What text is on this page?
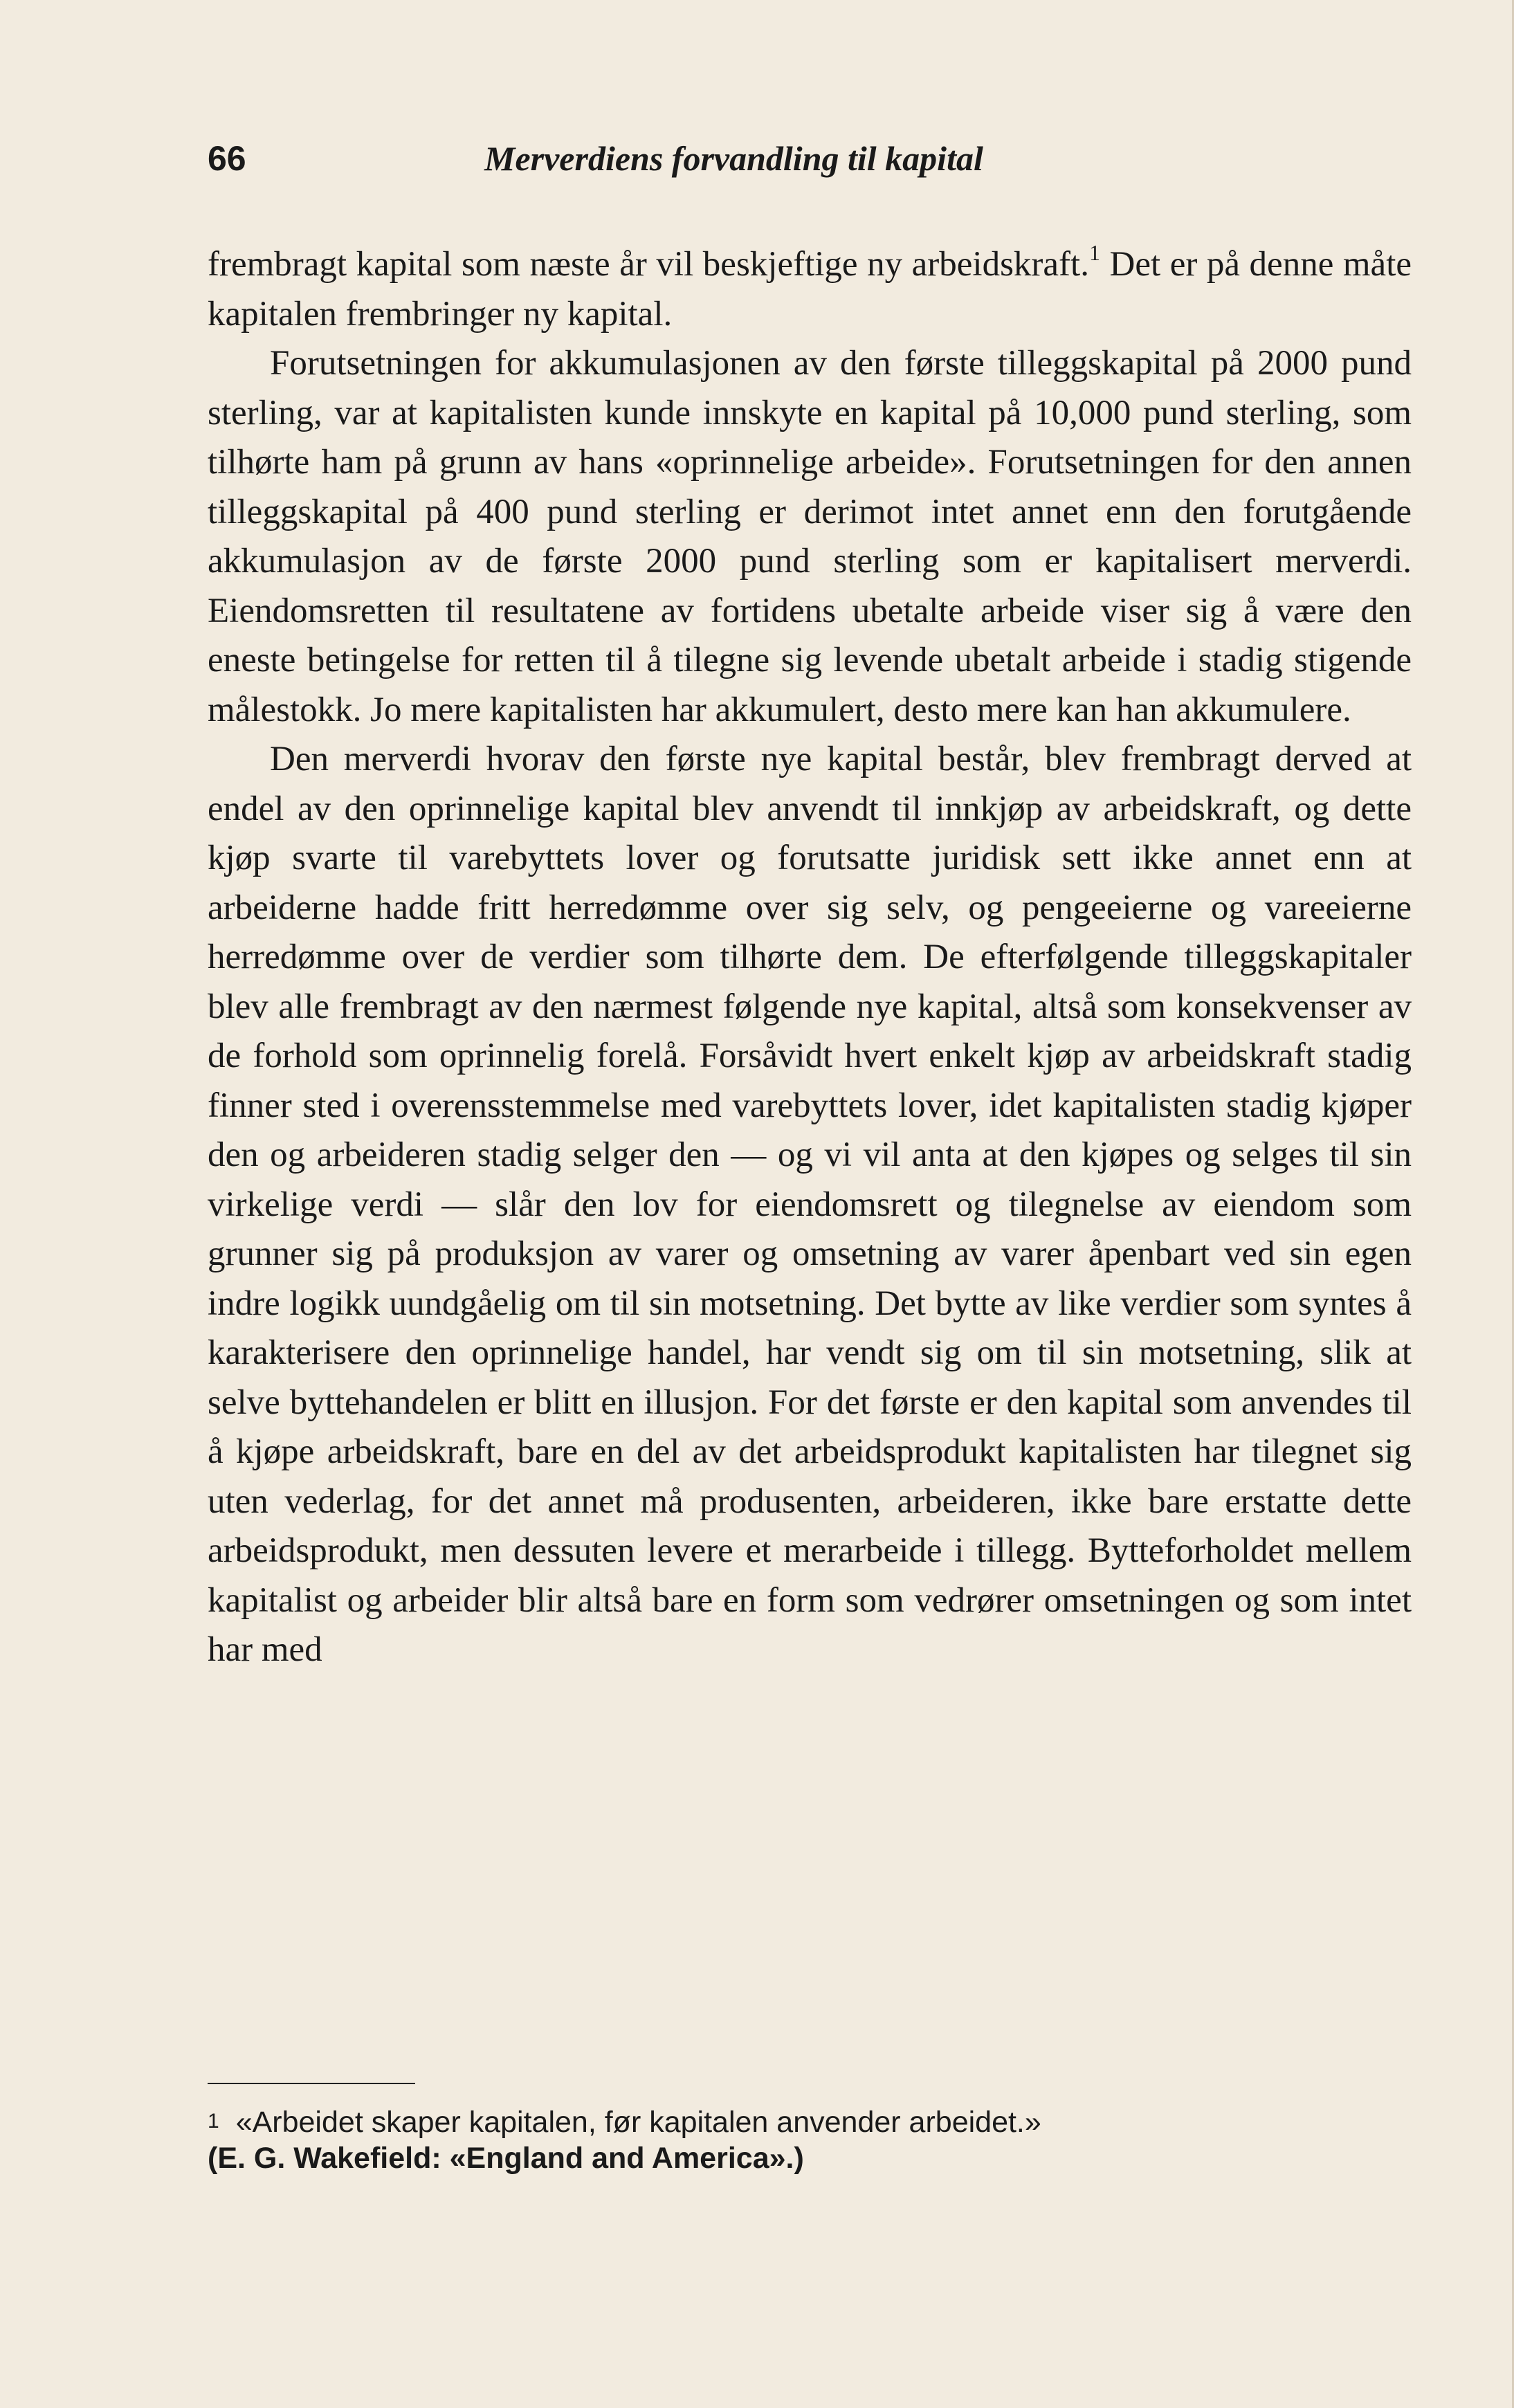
66	Merverdiens forvandling til kapital

frembragt kapital som næste år vil beskjeftige ny arbeidskraft.$^1$ Det er på denne måte kapitalen frembringer ny kapital.

Forutsetningen for akkumulasjonen av den første tilleggskapital på 2000 pund sterling, var at kapitalisten kunde innskyte en kapital på 10,000 pund sterling, som tilhørte ham på grunn av hans «oprinnelige arbeide». Forutsetningen for den annen tilleggskapital på 400 pund sterling er derimot intet annet enn den forutgående akkumulasjon av de første 2000 pund sterling som er kapitalisert merverdi. Eiendomsretten til resultatene av fortidens ubetalte arbeide viser sig å være den eneste betingelse for retten til å tilegne sig levende ubetalt arbeide i stadig stigende målestokk. Jo mere kapitalisten har akkumulert, desto mere kan han akkumulere.

Den merverdi hvorav den første nye kapital består, blev frembragt derved at endel av den oprinnelige kapital blev anvendt til innkjøp av arbeidskraft, og dette kjøp svarte til varebyttets lover og forutsatte juridisk sett ikke annet enn at arbeiderne hadde fritt herredømme over sig selv, og pengeeierne og vareeierne herredømme over de verdier som tilhørte dem. De efterfølgende tilleggskapitaler blev alle frembragt av den nærmest følgende nye kapital, altså som konsekvenser av de forhold som oprinnelig forelå. Forsåvidt hvert enkelt kjøp av arbeidskraft stadig finner sted i overensstemmelse med varebyttets lover, idet kapitalisten stadig kjøper den og arbeideren stadig selger den — og vi vil anta at den kjøpes og selges til sin virkelige verdi — slår den lov for eiendomsrett og tilegnelse av eiendom som grunner sig på produksjon av varer og omsetning av varer åpenbart ved sin egen indre logikk uundgåelig om til sin motsetning. Det bytte av like verdier som syntes å karakterisere den oprinnelige handel, har vendt sig om til sin motsetning, slik at selve byttehandelen er blitt en illusjon. For det første er den kapital som anvendes til å kjøpe arbeidskraft, bare en del av det arbeidsprodukt kapitalisten har tilegnet sig uten vederlag, for det annet må produsenten, arbeideren, ikke bare erstatte dette arbeidsprodukt, men dessuten levere et merarbeide i tillegg. Bytteforholdet mellem kapitalist og arbeider blir altså bare en form som vedrører omsetningen og som intet har med

1 «Arbeidet skaper kapitalen, før kapitalen anvender arbeidet.»

(E. G. Wakefield: «England and America».)
